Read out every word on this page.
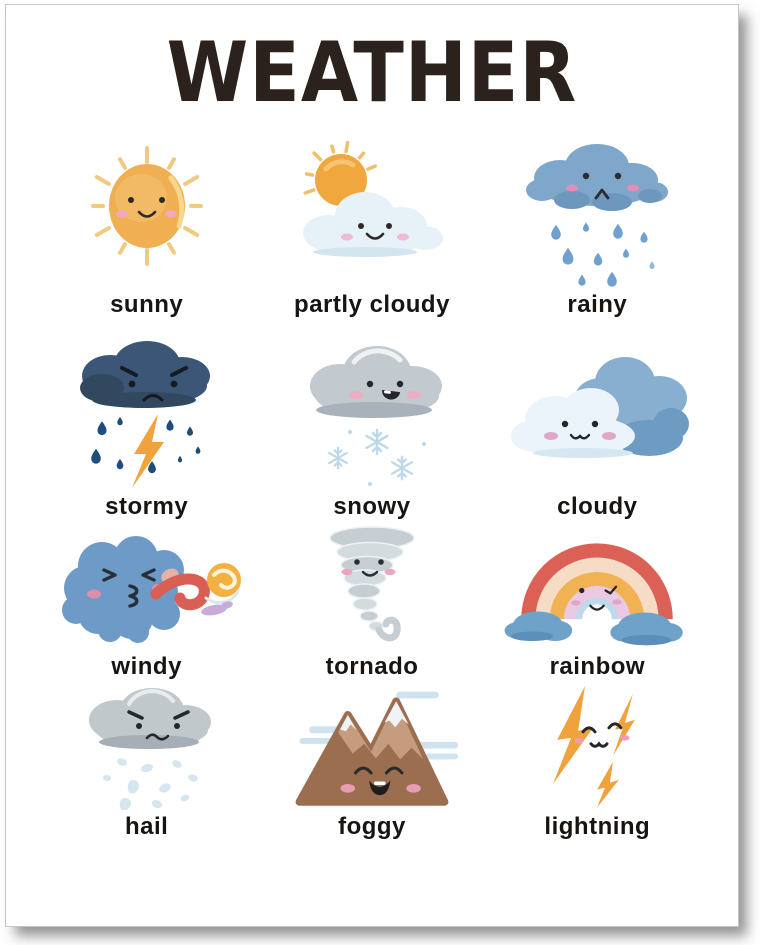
WEATHER
sunny	partly cloudy	rainy
stormy	snowy	cloudy
windy	tornado	rainbow
hail	foggy	lightning
